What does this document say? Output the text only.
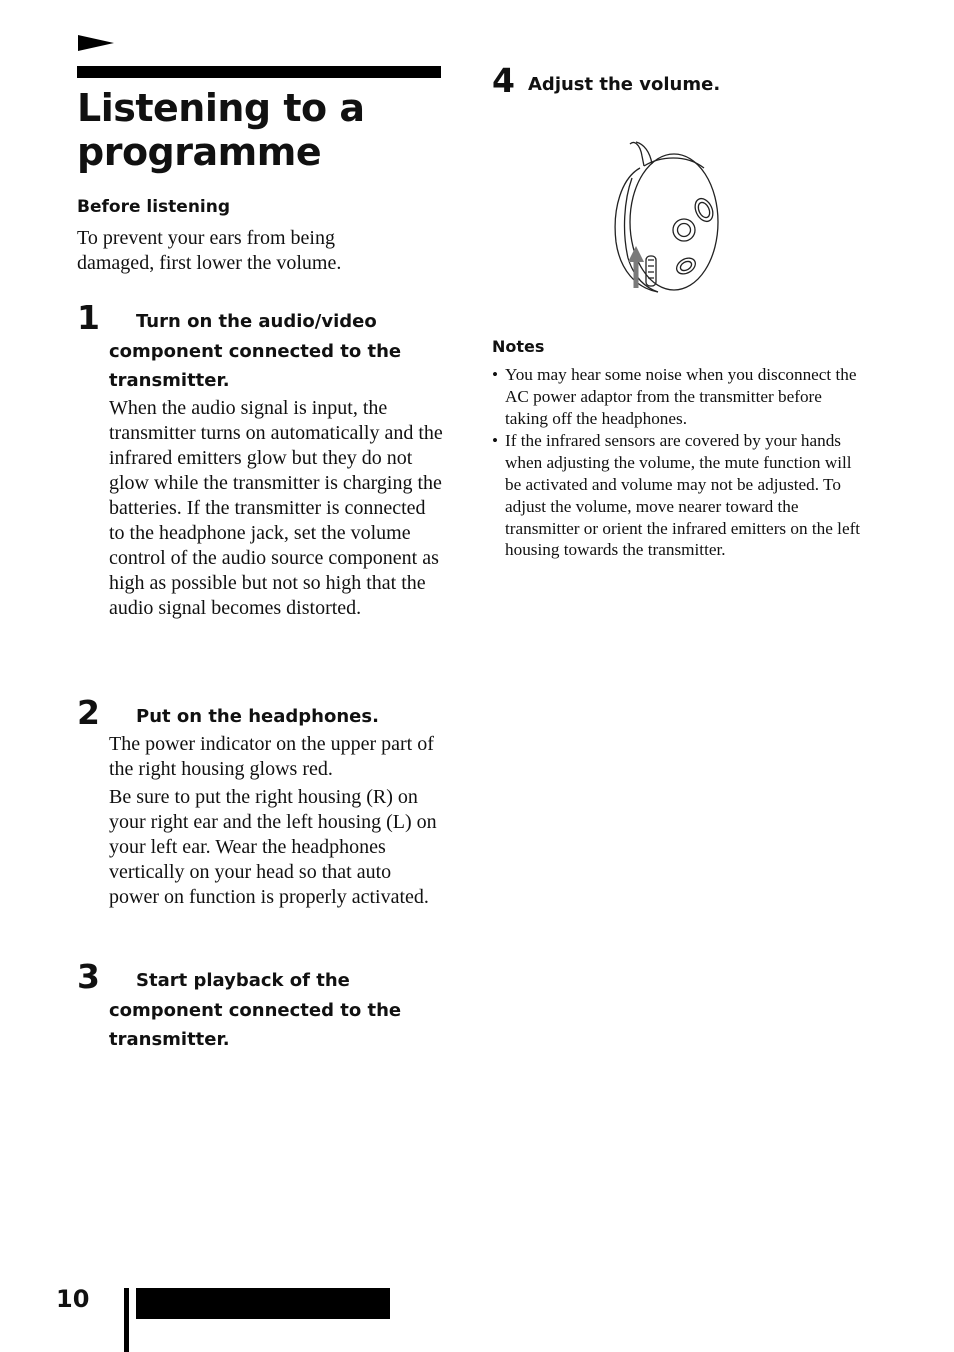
Listening to a programme
Before listening
To prevent your ears from being damaged, first lower the volume.
1	Turn on the audio/video component connected to the transmitter.
When the audio signal is input, the transmitter turns on automatically and the infrared emitters glow but they do not glow while the transmitter is charging the batteries. If the transmitter is connected to the headphone jack, set the volume control of the audio source component as high as possible but not so high that the audio signal becomes distorted.
2	Put on the headphones.
The power indicator on the upper part of the right housing glows red.
Be sure to put the right housing (R) on your right ear and the left housing (L) on your left ear. Wear the headphones vertically on your head so that auto power on function is properly activated.
3	Start playback of the component connected to the transmitter.
4 Adjust the volume.
Notes
• You may hear some noise when you disconnect the AC power adaptor from the transmitter before taking off the headphones.
• If the infrared sensors are covered by your hands when adjusting the volume, the mute function will be activated and volume may not be adjusted. To adjust the volume, move nearer toward the transmitter or orient the infrared emitters on the left housing towards the transmitter.
10
